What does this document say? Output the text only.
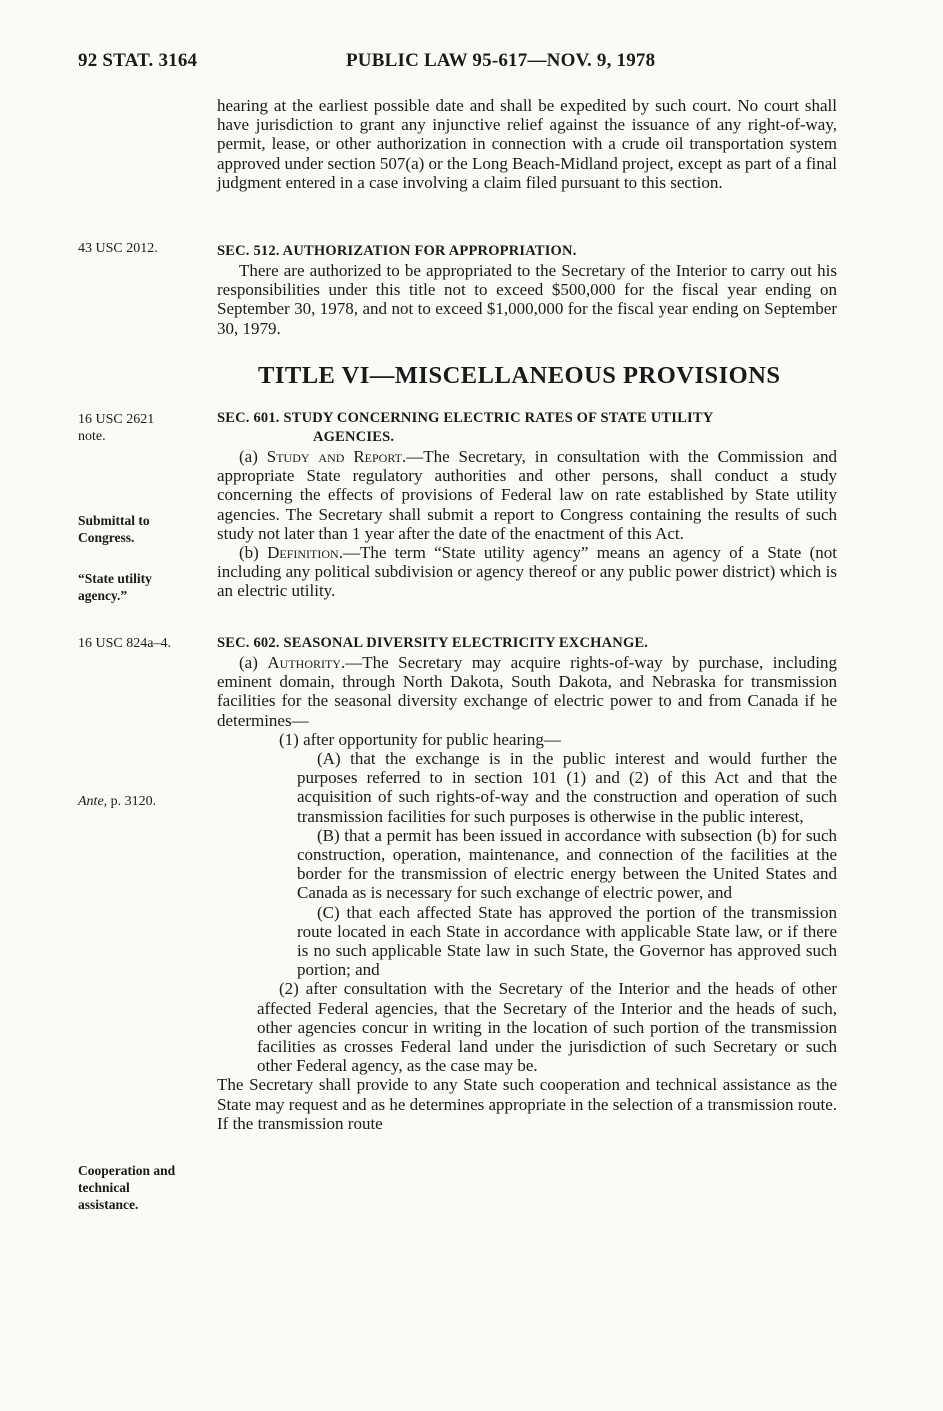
92 STAT. 3164	PUBLIC LAW 95-617—NOV. 9, 1978
43 USC 2012.
16 USC 2621
note.
Submittal to
Congress.
“State utility
agency.”
16 USC 824a–4.
Ante, p. 3120.
Cooperation and
technical
assistance.

hearing at the earliest possible date and shall be expedited by such court. No court shall have jurisdiction to grant any injunctive relief against the issuance of any right-of-way, permit, lease, or other authorization in connection with a crude oil transportation system approved under section 507(a) or the Long Beach-Midland project, except as part of a final judgment entered in a case involving a claim filed pursuant to this section.

SEC. 512. AUTHORIZATION FOR APPROPRIATION.

There are authorized to be appropriated to the Secretary of the Interior to carry out his responsibilities under this title not to exceed $500,000 for the fiscal year ending on September 30, 1978, and not to exceed $1,000,000 for the fiscal year ending on September 30, 1979.

TITLE VI—MISCELLANEOUS PROVISIONS

SEC. 601. STUDY CONCERNING ELECTRIC RATES OF STATE UTILITY
AGENCIES.

(a) Study and Report.—The Secretary, in consultation with the Commission and appropriate State regulatory authorities and other persons, shall conduct a study concerning the effects of provisions of Federal law on rate established by State utility agencies. The Secretary shall submit a report to Congress containing the results of such study not later than 1 year after the date of the enactment of this Act.

(b) Definition.—The term “State utility agency” means an agency of a State (not including any political subdivision or agency thereof or any public power district) which is an electric utility.

SEC. 602. SEASONAL DIVERSITY ELECTRICITY EXCHANGE.

(a) Authority.—The Secretary may acquire rights-of-way by purchase, including eminent domain, through North Dakota, South Dakota, and Nebraska for transmission facilities for the seasonal diversity exchange of electric power to and from Canada if he determines—

(1) after opportunity for public hearing—

(A) that the exchange is in the public interest and would further the purposes referred to in section 101 (1) and (2) of this Act and that the acquisition of such rights-of-way and the construction and operation of such transmission facilities for such purposes is otherwise in the public interest,

(B) that a permit has been issued in accordance with subsection (b) for such construction, operation, maintenance, and connection of the facilities at the border for the transmission of electric energy between the United States and Canada as is necessary for such exchange of electric power, and

(C) that each affected State has approved the portion of the transmission route located in each State in accordance with applicable State law, or if there is no such applicable State law in such State, the Governor has approved such portion; and

(2) after consultation with the Secretary of the Interior and the heads of other affected Federal agencies, that the Secretary of the Interior and the heads of such, other agencies concur in writing in the location of such portion of the transmission facilities as crosses Federal land under the jurisdiction of such Secretary or such other Federal agency, as the case may be.

The Secretary shall provide to any State such cooperation and technical assistance as the State may request and as he determines appropriate in the selection of a transmission route. If the transmission route
